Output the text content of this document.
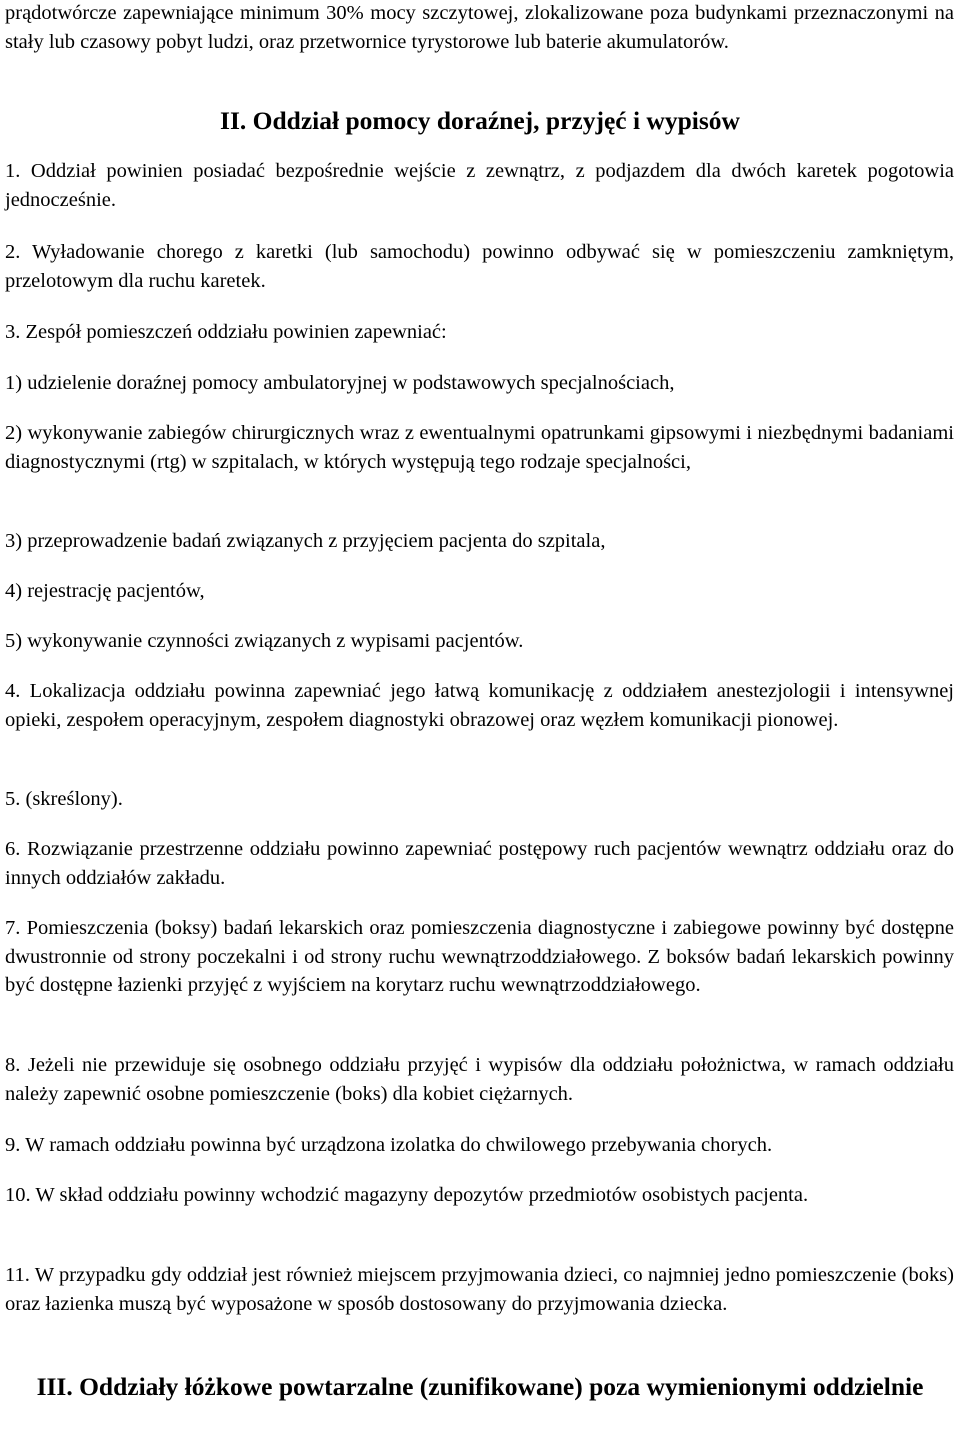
prądotwórcze zapewniające minimum 30% mocy szczytowej, zlokalizowane poza budynkami przeznaczonymi na stały lub czasowy pobyt ludzi, oraz przetwornice tyrystorowe lub baterie akumulatorów.

II. Oddział pomocy doraźnej, przyjęć i wypisów

1. Oddział powinien posiadać bezpośrednie wejście z zewnątrz, z podjazdem dla dwóch karetek pogotowia jednocześnie.

2. Wyładowanie chorego z karetki (lub samochodu) powinno odbywać się w pomieszczeniu zamkniętym, przelotowym dla ruchu karetek.

3. Zespół pomieszczeń oddziału powinien zapewniać:

1) udzielenie doraźnej pomocy ambulatoryjnej w podstawowych specjalnościach,

2) wykonywanie zabiegów chirurgicznych wraz z ewentualnymi opatrunkami gipsowymi i niezbędnymi badaniami diagnostycznymi (rtg) w szpitalach, w których występują tego rodzaje specjalności,

3) przeprowadzenie badań związanych z przyjęciem pacjenta do szpitala,

4) rejestrację pacjentów,

5) wykonywanie czynności związanych z wypisami pacjentów.

4. Lokalizacja oddziału powinna zapewniać jego łatwą komunikację z oddziałem anestezjologii i intensywnej opieki, zespołem operacyjnym, zespołem diagnostyki obrazowej oraz węzłem komunikacji pionowej.

5. (skreślony).

6. Rozwiązanie przestrzenne oddziału powinno zapewniać postępowy ruch pacjentów wewnątrz oddziału oraz do innych oddziałów zakładu.

7. Pomieszczenia (boksy) badań lekarskich oraz pomieszczenia diagnostyczne i zabiegowe powinny być dostępne dwustronnie od strony poczekalni i od strony ruchu wewnątrzoddziałowego. Z boksów badań lekarskich powinny być dostępne łazienki przyjęć z wyjściem na korytarz ruchu wewnątrzoddziałowego.

8. Jeżeli nie przewiduje się osobnego oddziału przyjęć i wypisów dla oddziału położnictwa, w ramach oddziału należy zapewnić osobne pomieszczenie (boks) dla kobiet ciężarnych.

9. W ramach oddziału powinna być urządzona izolatka do chwilowego przebywania chorych.

10. W skład oddziału powinny wchodzić magazyny depozytów przedmiotów osobistych pacjenta.

11. W przypadku gdy oddział jest również miejscem przyjmowania dzieci, co najmniej jedno pomieszczenie (boks) oraz łazienka muszą być wyposażone w sposób dostosowany do przyjmowania dziecka.

III. Oddziały łóżkowe powtarzalne (zunifikowane) poza wymienionymi oddzielnie
